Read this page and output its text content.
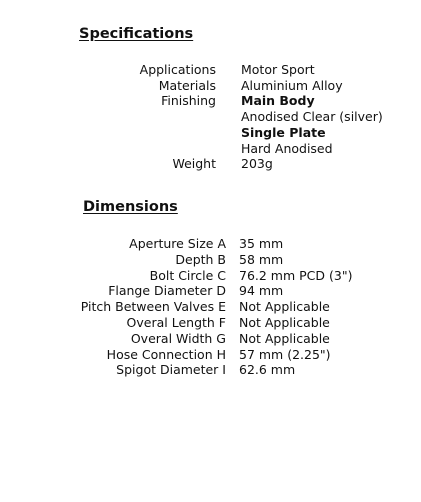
Specifications
Applications	Motor Sport
Materials	Aluminium Alloy
Finishing	Main Body
Anodised Clear (silver)
Single Plate
Hard Anodised

Weight	203g
Dimensions
Aperture Size A	35 mm
Depth B	58 mm
Bolt Circle C	76.2 mm PCD (3")
Flange Diameter D	94 mm
Pitch Between Valves E	Not Applicable
Overal Length F	Not Applicable
Overal Width G	Not Applicable
Hose Connection H	57 mm (2.25")
Spigot Diameter I	62.6 mm
